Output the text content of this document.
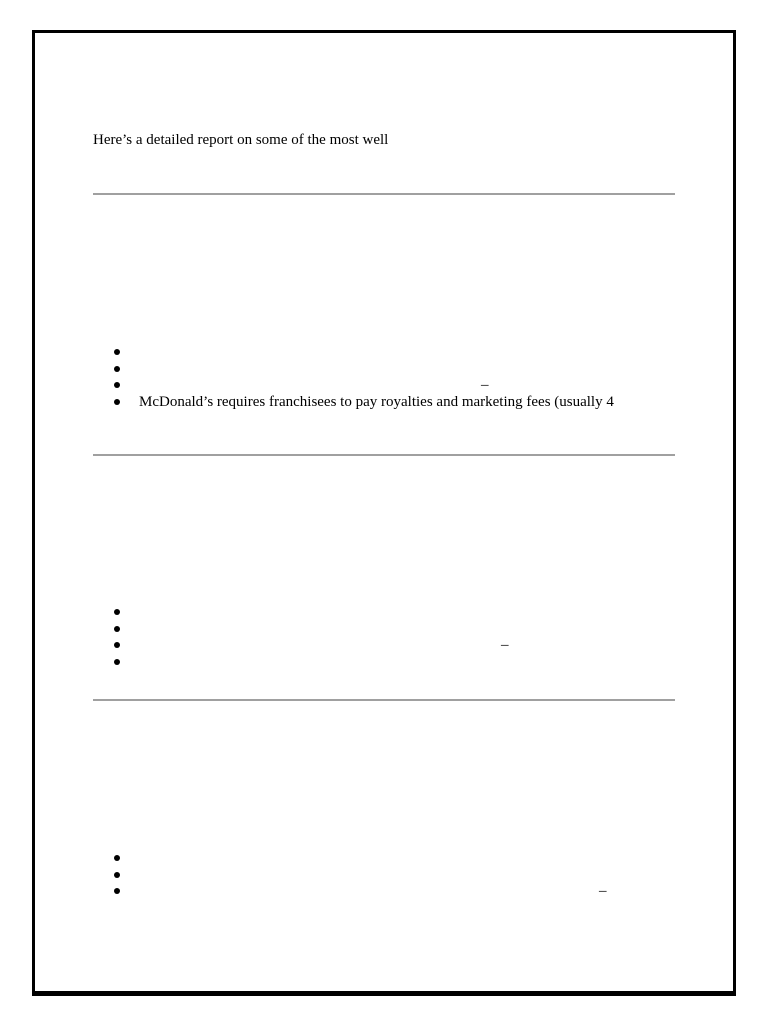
Here’s a detailed report on some of the most well
–
McDonald’s requires franchisees to pay royalties and marketing fees (usually 4
–
–
